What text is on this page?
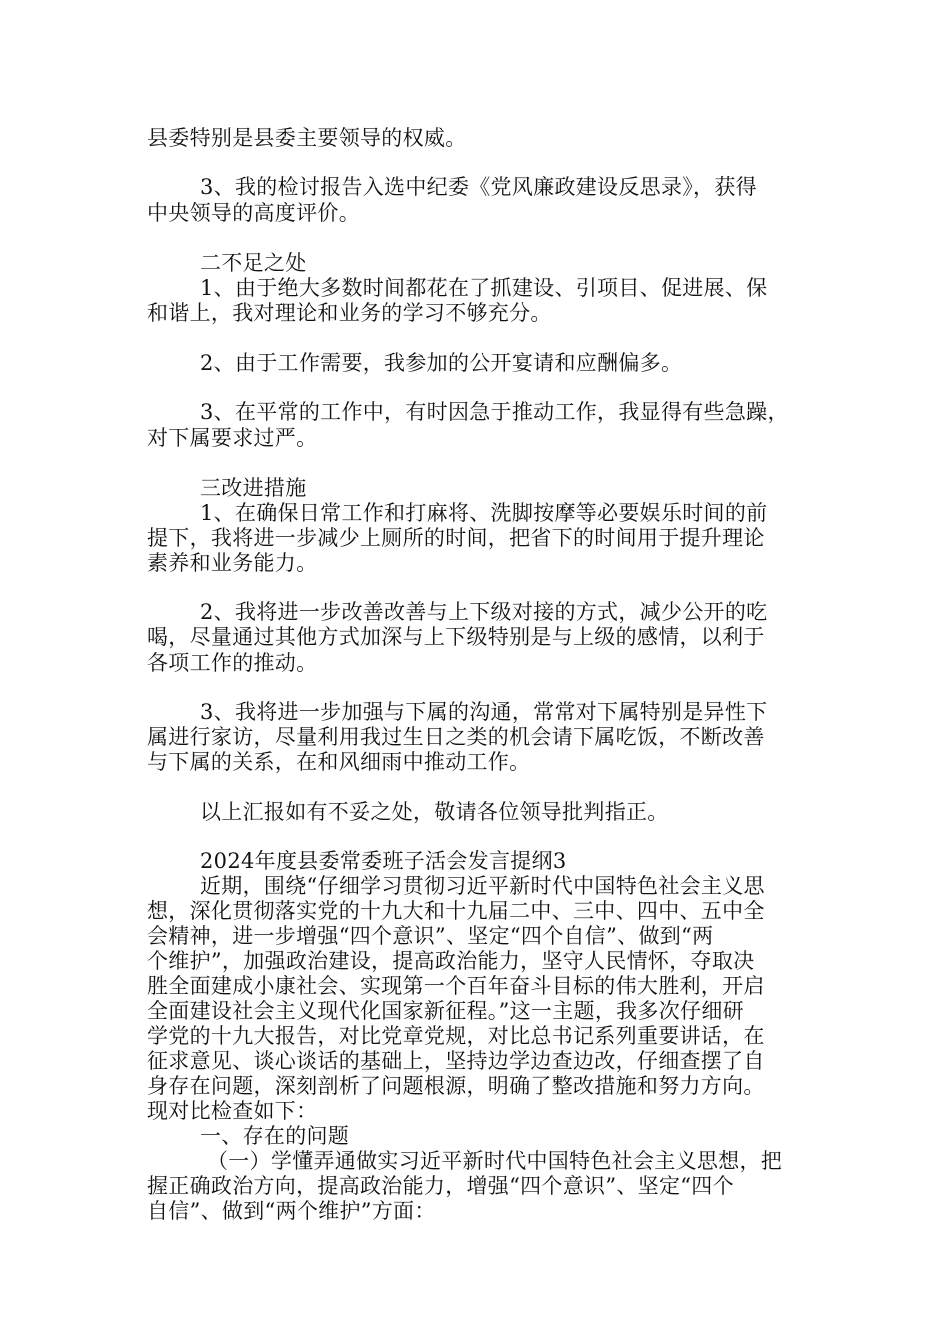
县委特别是县委主要领导的权威。
3、我的检讨报告入选中纪委《党风廉政建设反思录》，获得
中央领导的高度评价。
二不足之处
1、由于绝大多数时间都花在了抓建设、引项目、促进展、保
和谐上，我对理论和业务的学习不够充分。
2、由于工作需要，我参加的公开宴请和应酬偏多。
3、在平常的工作中，有时因急于推动工作，我显得有些急躁，
对下属要求过严。
三改进措施
1、在确保日常工作和打麻将、洗脚按摩等必要娱乐时间的前
提下，我将进一步减少上厕所的时间，把省下的时间用于提升理论
素养和业务能力。
2、我将进一步改善改善与上下级对接的方式，减少公开的吃
喝，尽量通过其他方式加深与上下级特别是与上级的感情，以利于
各项工作的推动。
3、我将进一步加强与下属的沟通，常常对下属特别是异性下
属进行家访，尽量利用我过生日之类的机会请下属吃饭，不断改善
与下属的关系，在和风细雨中推动工作。
以上汇报如有不妥之处，敬请各位领导批判指正。
2024年度县委常委班子活会发言提纲3
近期，围绕“仔细学习贯彻习近平新时代中国特色社会主义思
想，深化贯彻落实党的十九大和十九届二中、三中、四中、五中全
会精神，进一步增强“四个意识”、坚定“四个自信”、做到“两
个维护”，加强政治建设，提高政治能力，坚守人民情怀，夺取决
胜全面建成小康社会、实现第一个百年奋斗目标的伟大胜利，开启
全面建设社会主义现代化国家新征程。”这一主题，我多次仔细研
学党的十九大报告，对比党章党规，对比总书记系列重要讲话，在
征求意见、谈心谈话的基础上，坚持边学边查边改，仔细查摆了自
身存在问题，深刻剖析了问题根源，明确了整改措施和努力方向。
现对比检查如下：
一、存在的问题
（一）学懂弄通做实习近平新时代中国特色社会主义思想，把
握正确政治方向，提高政治能力，增强“四个意识”、坚定“四个
自信”、做到“两个维护”方面：
